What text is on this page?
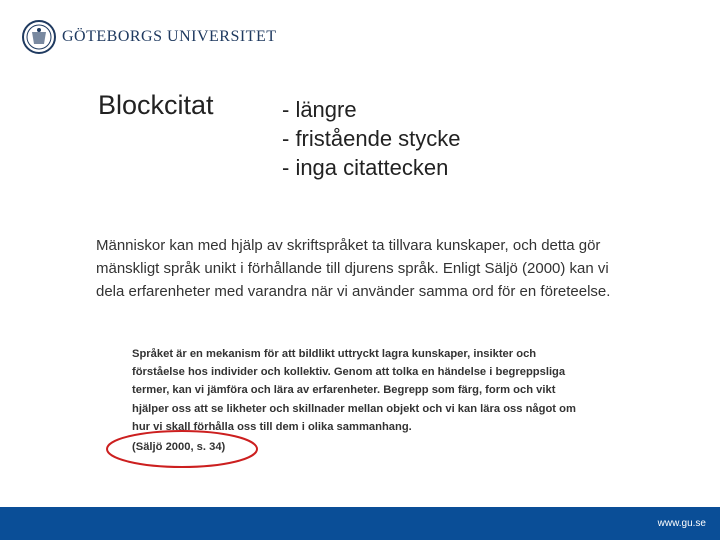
GÖTEBORGS UNIVERSITET
Blockcitat	- längre
- fristående stycke
- inga citattecken

Människor kan med hjälp av skriftspråket ta tillvara kunskaper, och detta gör mänskligt språk unikt i förhållande till djurens språk. Enligt Säljö (2000) kan vi dela erfarenheter med varandra när vi använder samma ord för en företeelse.

Språket är en mekanism för att bildlikt uttryckt lagra kunskaper, insikter och förståelse hos individer och kollektiv. Genom att tolka en händelse i begreppsliga termer, kan vi jämföra och lära av erfarenheter. Begrepp som färg, form och vikt hjälper oss att se likheter och skillnader mellan objekt och vi kan lära oss något om hur vi skall förhålla oss till dem i olika sammanhang.

(Säljö 2000, s. 34)
www.gu.se
